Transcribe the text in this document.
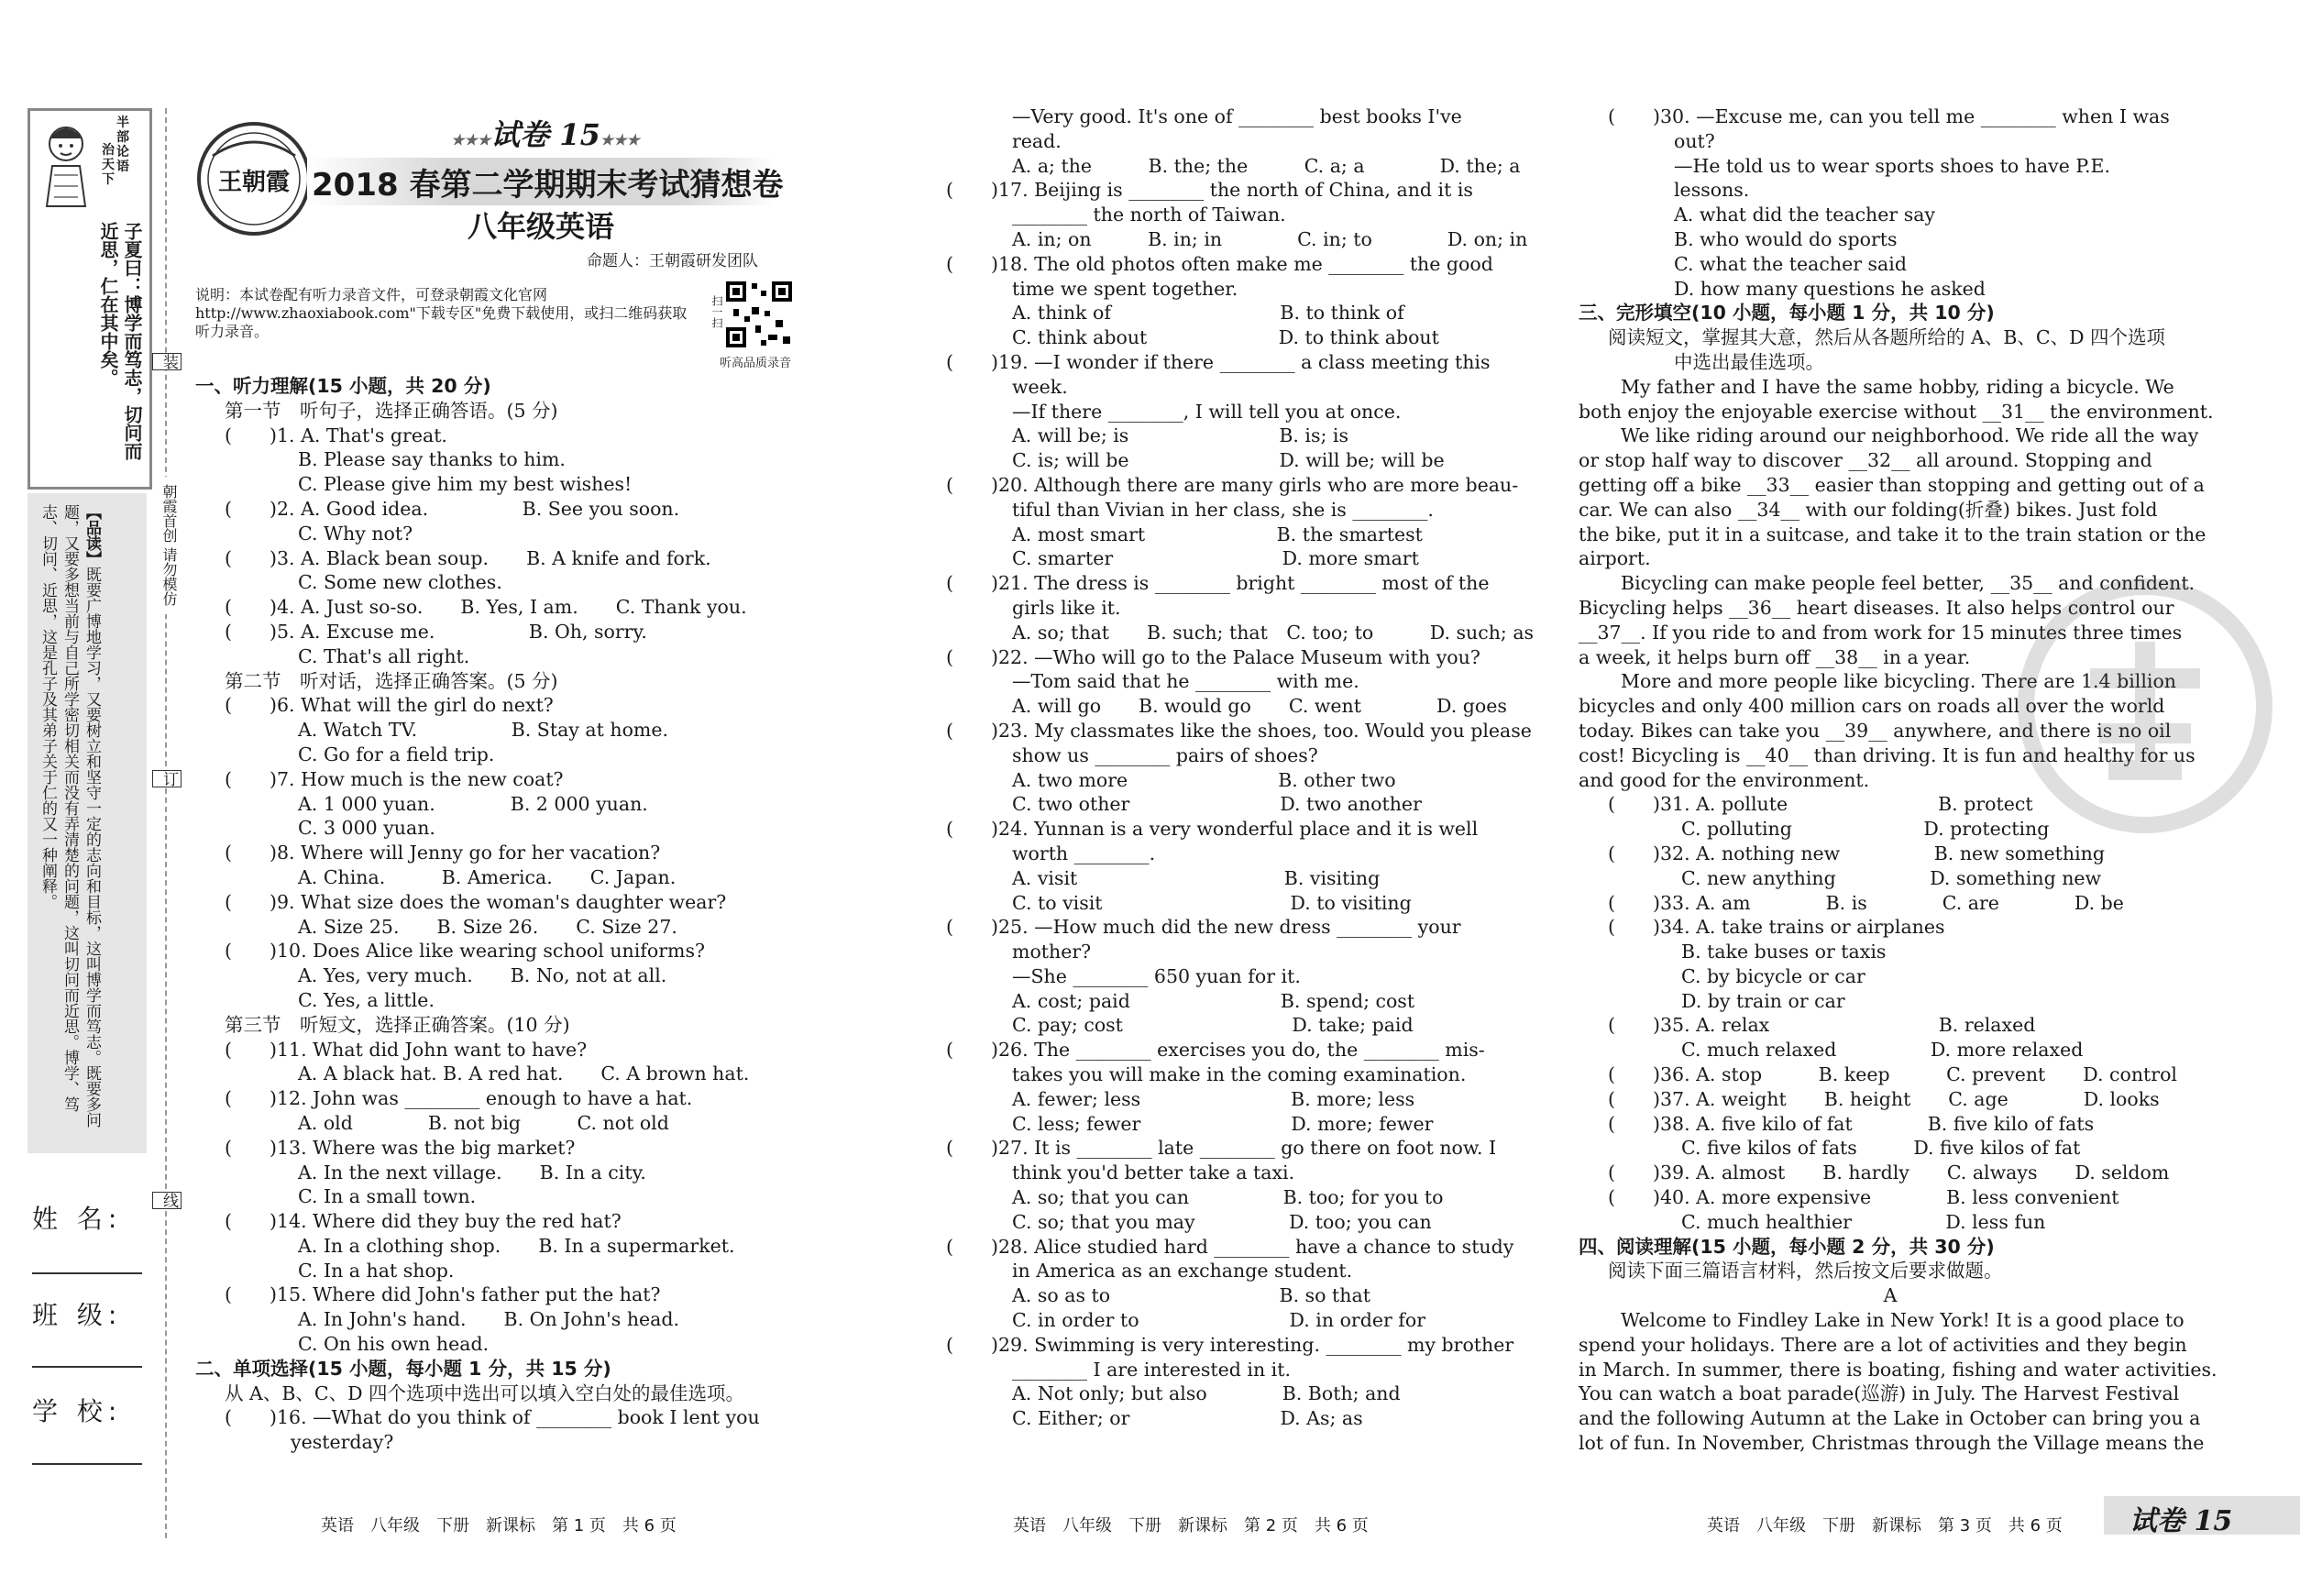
半
部
治 论
天
下
语
子夏曰：博学而笃志，切问而近思，仁在其中矣。
【品读】既要广博地学习，又要树立和坚守一定的志向和目标，这叫博学而笃志。既要多问题，又要多想当前与自己所学密切相关而没有弄清楚的问题，这叫切问而近思。博学、笃志、切问、近思，这是孔子及其弟子关于仁的又一种阐释。
姓 名:
班 级:
学 校:
装
朝霞首创 请勿模仿
订
线
王朝霞
★★★试卷 15★★★
2018 春第二学期期末考试猜想卷
八年级英语
命题人：王朝霞研发团队
说明：本试卷配有听力录音文件，可登录朝霞文化官网http://www.zhaoxiabook.com"下载专区"免费下载使用，或扫二维码获取听力录音。
扫一扫
听高品质录音

一、听力理解(15 小题，共 20 分)

第一节　听句子，选择正确答语。(5 分)

(　　)1. A. That's great.

B. Please say thanks to him.

C. Please give him my best wishes!

(　　)2. A. Good idea.　　　　　B. See you soon.

C. Why not?

(　　)3. A. Black bean soup.　　B. A knife and fork.

C. Some new clothes.

(　　)4. A. Just so-so.　　B. Yes, I am.　　C. Thank you.

(　　)5. A. Excuse me.　　　　　B. Oh, sorry.

C. That's all right.

第二节　听对话，选择正确答案。(5 分)

(　　)6. What will the girl do next?

A. Watch TV.　　　　　B. Stay at home.

C. Go for a field trip.

(　　)7. How much is the new coat?

A. 1 000 yuan.　　　　B. 2 000 yuan.

C. 3 000 yuan.

(　　)8. Where will Jenny go for her vacation?

A. China.　　　B. America.　　C. Japan.

(　　)9. What size does the woman's daughter wear?

A. Size 25.　　B. Size 26.　　C. Size 27.

(　　)10. Does Alice like wearing school uniforms?

A. Yes, very much.　　B. No, not at all.

C. Yes, a little.

第三节　听短文，选择正确答案。(10 分)

(　　)11. What did John want to have?

A. A black hat. B. A red hat.　　C. A brown hat.

(　　)12. John was ________ enough to have a hat.

A. old　　　　B. not big　　　C. not old

(　　)13. Where was the big market?

A. In the next village.　　B. In a city.

C. In a small town.

(　　)14. Where did they buy the red hat?

A. In a clothing shop.　　B. In a supermarket.

C. In a hat shop.

(　　)15. Where did John's father put the hat?

A. In John's hand.　　B. On John's head.

C. On his own head.

二、单项选择(15 小题，每小题 1 分，共 15 分)

从 A、B、C、D 四个选项中选出可以填入空白处的最佳选项。

(　　)16. —What do you think of ________ book I lent you

yesterday?

—Very good. It's one of ________ best books I've

read.

A. a; the　　　B. the; the　　　C. a; a　　　　D. the; a

(　　)17. Beijing is ________ the north of China, and it is

________ the north of Taiwan.

A. in; on　　　B. in; in　　　　C. in; to　　　　D. on; in

(　　)18. The old photos often make me ________ the good

time we spent together.

A. think of　　　　　　　　　B. to think of

C. think about　　　　　　　D. to think about

(　　)19. —I wonder if there ________ a class meeting this

week.

—If there ________, I will tell you at once.

A. will be; is　　　　　　　　B. is; is

C. is; will be　　　　　　　　D. will be; will be

(　　)20. Although there are many girls who are more beau-

tiful than Vivian in her class, she is ________.

A. most smart　　　　　　　B. the smartest

C. smarter　　　　　　　　　D. more smart

(　　)21. The dress is ________ bright ________ most of the

girls like it.

A. so; that　　B. such; that　C. too; to　　　D. such; as

(　　)22. —Who will go to the Palace Museum with you?

—Tom said that he ________ with me.

A. will go　　B. would go　　C. went　　　　D. goes

(　　)23. My classmates like the shoes, too. Would you please

show us ________ pairs of shoes?

A. two more　　　　　　　　B. other two

C. two other　　　　　　　　D. two another

(　　)24. Yunnan is a very wonderful place and it is well

worth ________.

A. visit　　　　　　　　　　　B. visiting

C. to visit　　　　　　　　　　D. to visiting

(　　)25. —How much did the new dress ________ your

mother?

—She ________ 650 yuan for it.

A. cost; paid　　　　　　　　B. spend; cost

C. pay; cost　　　　　　　　　D. take; paid

(　　)26. The ________ exercises you do, the ________ mis-

takes you will make in the coming examination.

A. fewer; less　　　　　　　　B. more; less

C. less; fewer　　　　　　　　D. more; fewer

(　　)27. It is ________ late ________ go there on foot now. I

think you'd better take a taxi.

A. so; that you can　　　　　B. too; for you to

C. so; that you may　　　　　D. too; you can

(　　)28. Alice studied hard ________ have a chance to study

in America as an exchange student.

A. so as to　　　　　　　　　B. so that

C. in order to　　　　　　　　D. in order for

(　　)29. Swimming is very interesting. ________ my brother

________ I are interested in it.

A. Not only; but also　　　　B. Both; and

C. Either; or　　　　　　　　D. As; as

(　　)30. —Excuse me, can you tell me ________ when I was

out?

—He told us to wear sports shoes to have P.E.

lessons.

A. what did the teacher say

B. who would do sports

C. what the teacher said

D. how many questions he asked

三、完形填空(10 小题，每小题 1 分，共 10 分)

阅读短文，掌握其大意，然后从各题所给的 A、B、C、D 四个选项

中选出最佳选项。

My father and I have the same hobby, riding a bicycle. We

both enjoy the enjoyable exercise without __31__ the environment.

We like riding around our neighborhood. We ride all the way

or stop half way to discover __32__ all around. Stopping and

getting off a bike __33__ easier than stopping and getting out of a

car. We can also __34__ with our folding(折叠) bikes. Just fold

the bike, put it in a suitcase, and take it to the train station or the

airport.

Bicycling can make people feel better, __35__ and confident.

Bicycling helps __36__ heart diseases. It also helps control our

__37__. If you ride to and from work for 15 minutes three times

a week, it helps burn off __38__ in a year.

More and more people like bicycling. There are 1.4 billion

bicycles and only 400 million cars on roads all over the world

today. Bikes can take you __39__ anywhere, and there is no oil

cost! Bicycling is __40__ than driving. It is fun and healthy for us

and good for the environment.

(　　)31. A. pollute　　　　　　　　B. protect

C. polluting　　　　　　　D. protecting

(　　)32. A. nothing new　　　　　B. new something

C. new anything　　　　　D. something new

(　　)33. A. am　　　　B. is　　　　C. are　　　　D. be

(　　)34. A. take trains or airplanes

B. take buses or taxis

C. by bicycle or car

D. by train or car

(　　)35. A. relax　　　　　　　　　B. relaxed

C. much relaxed　　　　　D. more relaxed

(　　)36. A. stop　　　B. keep　　　C. prevent　　D. control

(　　)37. A. weight　　B. height　　C. age　　　　D. looks

(　　)38. A. five kilo of fat　　　　B. five kilo of fats

C. five kilos of fats　　　D. five kilos of fat

(　　)39. A. almost　　B. hardly　　C. always　　D. seldom

(　　)40. A. more expensive　　　　B. less convenient

C. much healthier　　　　　D. less fun

四、阅读理解(15 小题，每小题 2 分，共 30 分)

阅读下面三篇语言材料，然后按文后要求做题。

A

Welcome to Findley Lake in New York! It is a good place to

spend your holidays. There are a lot of activities and they begin

in March. In summer, there is boating, fishing and water activities.

You can watch a boat parade(巡游) in July. The Harvest Festival

and the following Autumn at the Lake in October can bring you a

lot of fun. In November, Christmas through the Village means the

英语　八年级　下册　新课标　第 1 页　共 6 页	英语　八年级　下册　新课标　第 2 页　共 6 页	英语　八年级　下册　新课标　第 3 页　共 6 页 试卷 15
